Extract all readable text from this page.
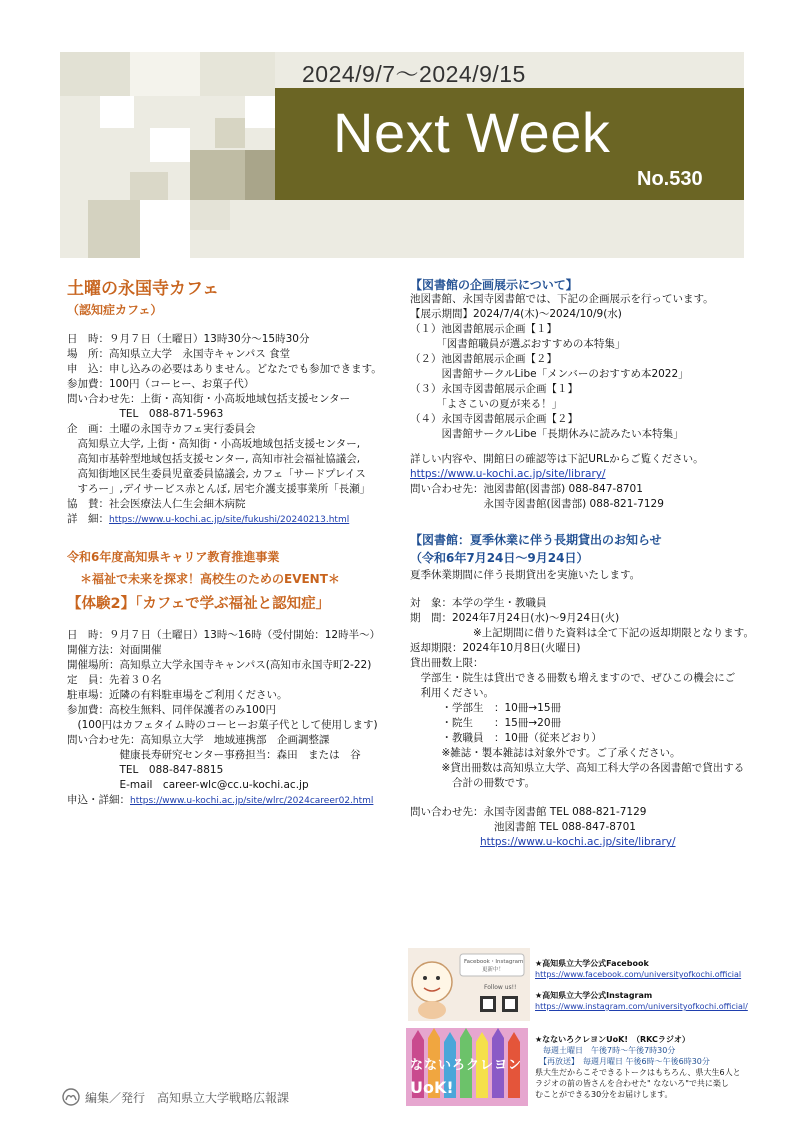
2024/9/7～2024/9/15
Next Week
No.530
土曜の永国寺カフェ
（認知症カフェ）
日　時：９月７日（土曜日）13時30分～15時30分
場　所：高知県立大学　永国寺キャンパス 食堂
申　込：申し込みの必要はありません。どなたでも参加できます。
参加費：100円（コーヒー、お菓子代）
問い合わせ先：上街・高知街・小高坂地域包括支援センター
　　　　　TEL　088-871-5963
企　画：土曜の永国寺カフェ実行委員会
　高知県立大学, 上街・高知街・小高坂地域包括支援センター,
　高知市基幹型地域包括支援センター, 高知市社会福祉協議会,
　高知街地区民生委員児童委員協議会, カフェ「サードプレイス
　すろー」,デイサービス赤とんぼ, 居宅介護支援事業所「長瀬」
協　賛：社会医療法人仁生会細木病院
詳　細：https://www.u-kochi.ac.jp/site/fukushi/20240213.html
令和6年度高知県キャリア教育推進事業
＊福祉で未来を探求！高校生のためのEVENT＊
【体験2】「カフェで学ぶ福祉と認知症」
日　時：９月７日（土曜日）13時～16時（受付開始：12時半～）
開催方法：対面開催
開催場所：高知県立大学永国寺キャンパス(高知市永国寺町2-22)
定　員：先着３０名
駐車場：近隣の有料駐車場をご利用ください。
参加費：高校生無料、同伴保護者のみ100円
　(100円はカフェタイム時のコーヒーお菓子代として使用します)
問い合わせ先：高知県立大学　地域連携部　企画調整課
　　　　　健康長寿研究センター事務担当：森田　または　谷
　　　　　TEL　088-847-8815
　　　　　E-mail　career-wlc@cc.u-kochi.ac.jp
申込・詳細：https://www.u-kochi.ac.jp/site/wlrc/2024career02.html
【図書館の企画展示について】
池図書館、永国寺図書館では、下記の企画展示を行っています。
【展示期間】2024/7/4(木)～2024/10/9(水)
（１）池図書館展示企画【１】
　　　「図書館職員が選ぶおすすめの本特集」
（２）池図書館展示企画【２】
　　　図書館サークルLibe「メンバーのおすすめ本2022」
（３）永国寺図書館展示企画【１】
　　　「よさこいの夏が来る！」
（４）永国寺図書館展示企画【２】
　　　図書館サークルLibe「長期休みに読みたい本特集」
詳しい内容や、開館日の確認等は下記URLからご覧ください。
https://www.u-kochi.ac.jp/site/library/
問い合わせ先：池図書館(図書部) 088-847-8701
　　　　　　　永国寺図書館(図書部) 088-821-7129
【図書館：夏季休業に伴う長期貸出のお知らせ
（令和6年7月24日～9月24日）
夏季休業期間に伴う長期貸出を実施いたします。
対　象：本学の学生・教職員
期　間：2024年7月24日(水)～9月24日(火)
　　　　　　※上記期間に借りた資料は全て下記の返却期限となります。
返却期限：2024年10月8日(火曜日)
貸出冊数上限：
　学部生・院生は貸出できる冊数も増えますので、ぜひこの機会にご
　利用ください。
　　　・学部生　：10冊→15冊
　　　・院生　　：15冊→20冊
　　　・教職員　：10冊（従来どおり）
　　　※雑誌・製本雑誌は対象外です。ご了承ください。
　　　※貸出冊数は高知県立大学、高知工科大学の各図書館で貸出する
　　　　合計の冊数です。
問い合わせ先：永国寺図書館 TEL 088-821-7129
　　　　　　　　池図書館 TEL 088-847-8701
https://www.u-kochi.ac.jp/site/library/
Facebook・Instagram
更新中！
Follow us!!
★高知県立大学公式Facebook
https://www.facebook.com/universityofkochi.official
★高知県立大学公式Instagram
https://www.instagram.com/universityofkochi.official/
なないろクレヨン
UoK!
★なないろクレヨンUoK!　（RKCラジオ）
　毎週土曜日　午後7時～午後7時30分
　【再放送】　毎週月曜日 午後6時～午後6時30分
県大生だからこそできるトークはもちろん、県大生6人と
ラジオの前の皆さんを合わせた" なないろ"で共に楽し
むことができる30分をお届けします。
編集／発行　高知県立大学戦略広報課
